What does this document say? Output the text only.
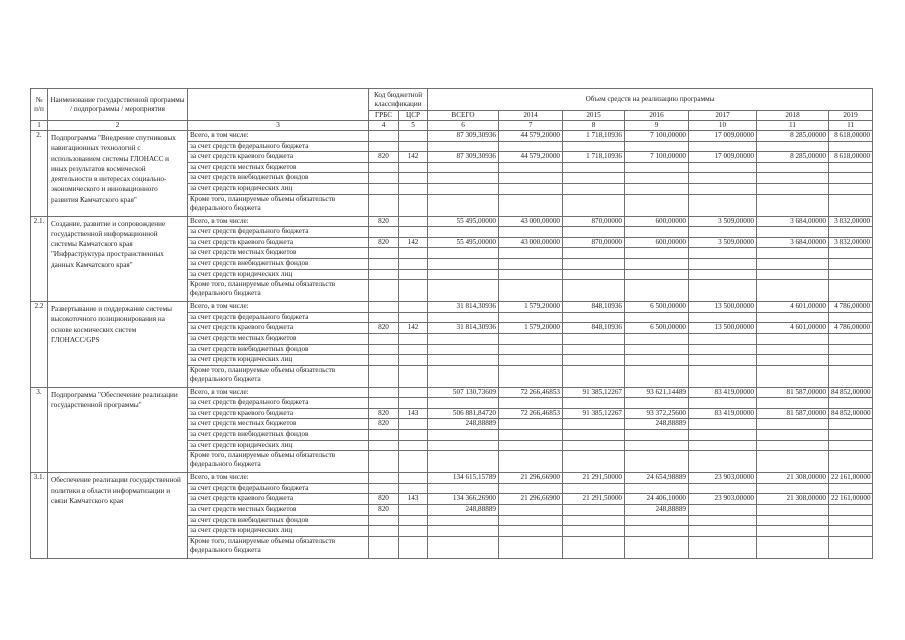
№ п/п	Наименование государственной программы / подпрограммы / мероприятия		Код бюджетной классификации		Объем средств на реализацию программы						
			ГРБС	ЦСР	ВСЕГО	2014	2015	2016	2017	2018	2019
1	2	3	4	5	6	7	8	9	10	11	11
2.	Подпрограмма "Внедрение спутниковых навигационных технологий с использованием системы ГЛОНАСС и иных результатов космической деятельности в интересах социально-экономического и инновационного развития Камчатского края"	Всего, в том числе:			87 309,30936	44 579,20000	1 718,10936	7 100,00000	17 009,00000	8 285,00000	8 618,00000
		за счет средств федерального бюджета									
		за счет средств краевого бюджета	820	142	87 309,30936	44 579,20000	1 718,10936	7 100,00000	17 009,00000	8 285,00000	8 618,00000
		за счет средств местных бюджетов									
		за счет средств внебюджетных фондов									
		за счет средств юридических лиц									
		Кроме того, планируемые объемы обязательств федерального бюджета									
2.1.	Создание, развитие и сопровождение государственной информационной системы Камчатского края "Инфраструктура пространственных данных Камчатского края"	Всего, в том числе:	820		55 495,00000	43 000,00000	870,00000	600,00000	3 509,00000	3 684,00000	3 832,00000
		за счет средств федерального бюджета									
		за счет средств краевого бюджета	820	142	55 495,00000	43 000,00000	870,00000	600,00000	3 509,00000	3 684,00000	3 832,00000
		за счет средств местных бюджетов									
		за счет средств внебюджетных фондов									
		за счет средств юридических лиц									
		Кроме того, планируемые объемы обязательств федерального бюджета									
2.2	Развертывание и поддержание системы высокоточного позиционирования на основе космических систем ГЛОНАСС/GPS	Всего, в том числе:			31 814,30936	1 579,20000	848,10936	6 500,00000	13 500,00000	4 601,00000	4 786,00000
		за счет средств федерального бюджета									
		за счет средств краевого бюджета	820	142	31 814,30936	1 579,20000	848,10936	6 500,00000	13 500,00000	4 601,00000	4 786,00000
		за счет средств местных бюджетов									
		за счет средств внебюджетных фондов									
		за счет средств юридических лиц									
		Кроме того, планируемые объемы обязательств федерального бюджета									
3.	Подпрограмма "Обеспечение реализации государственной программы"	Всего, в том числе:			507 130,73609	72 266,46853	91 385,12267	93 621,14489	83 419,00000	81 587,00000	84 852,00000
		за счет средств федерального бюджета									
		за счет средств краевого бюджета	820	143	506 881,84720	72 266,46853	91 385,12267	93 372,25600	83 419,00000	81 587,00000	84 852,00000
		за счет средств местных бюджетов	820		248,88889			248,88889			
		за счет средств внебюджетных фондов									
		за счет средств юридических лиц									
		Кроме того, планируемые объемы обязательств федерального бюджета									
3.1.	Обеспечение реализации государственной политики в области информатизации и связи Камчатского края	Всего, в том числе:			134 615,15789	21 296,66900	21 291,50000	24 654,98889	23 903,00000	21 308,00000	22 161,00000
		за счет средств федерального бюджета									
		за счет средств краевого бюджета	820	143	134 366,26900	21 296,66900	21 291,50000	24 406,10000	23 903,00000	21 308,00000	22 161,00000
		за счет средств местных бюджетов	820		248,88889			248,88889			
		за счет средств внебюджетных фондов									
		за счет средств юридических лиц									
		Кроме того, планируемые объемы обязательств федерального бюджета									
